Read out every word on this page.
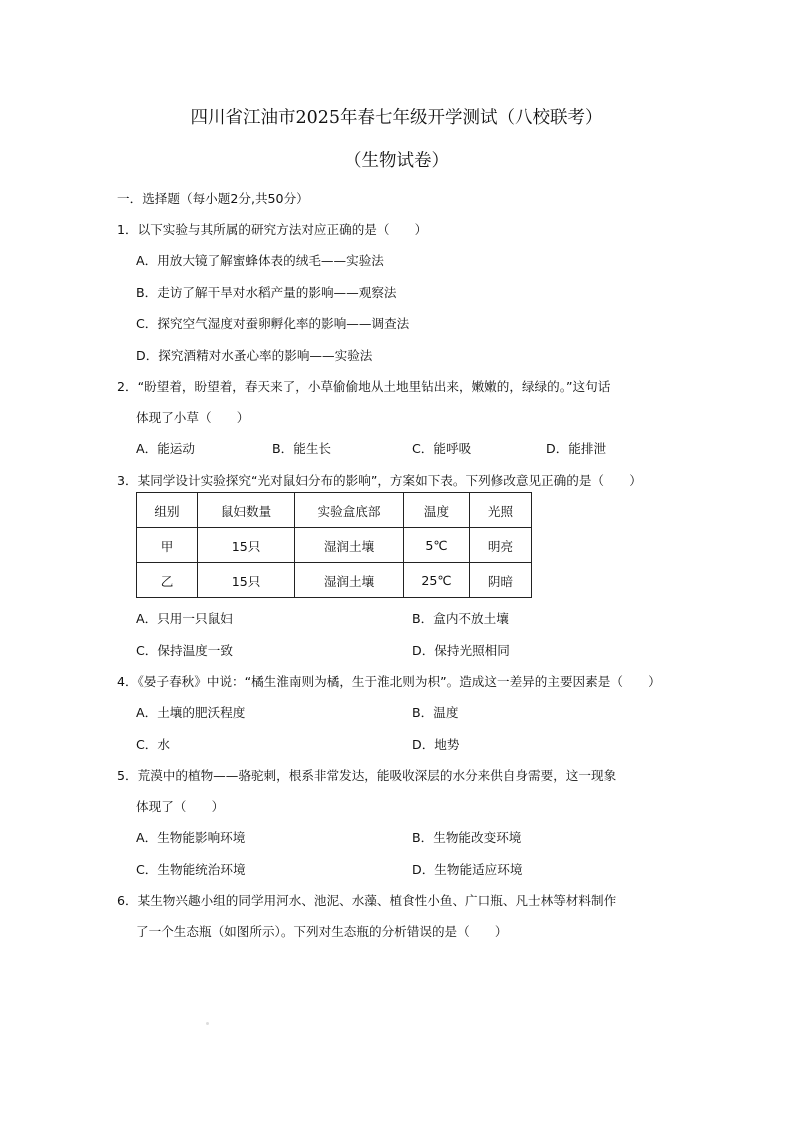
四川省江油市2025年春七年级开学测试（八校联考）
（生物试卷）
一．选择题（每小题2分,共50分）
1．以下实验与其所属的研究方法对应正确的是（　　）
A．用放大镜了解蜜蜂体表的绒毛——实验法
B．走访了解干旱对水稻产量的影响——观察法
C．探究空气湿度对蚕卵孵化率的影响——调查法
D．探究酒精对水蚤心率的影响——实验法
2．“盼望着，盼望着，春天来了，小草偷偷地从土地里钻出来，嫩嫩的，绿绿的。”这句话
体现了小草（　　）
A．能运动	B．能生长	C．能呼吸	D．能排泄
3．某同学设计实验探究“光对鼠妇分布的影响”，方案如下表。下列修改意见正确的是（　　）
组别	鼠妇数量	实验盒底部	温度	光照
甲	15只	湿润土壤	5℃	明亮
乙	15只	湿润土壤	25℃	阴暗
A．只用一只鼠妇	B．盒内不放土壤
C．保持温度一致	D．保持光照相同
4．《晏子春秋》中说：“橘生淮南则为橘，生于淮北则为枳”。造成这一差异的主要因素是（　　）
A．土壤的肥沃程度	B．温度
C．水	D．地势
5．荒漠中的植物——骆驼刺，根系非常发达，能吸收深层的水分来供自身需要，这一现象
体现了（　　）
A．生物能影响环境	B．生物能改变环境
C．生物能统治环境	D．生物能适应环境
6．某生物兴趣小组的同学用河水、池泥、水藻、植食性小鱼、广口瓶、凡士林等材料制作
了一个生态瓶（如图所示）。下列对生态瓶的分析错误的是（　　）
